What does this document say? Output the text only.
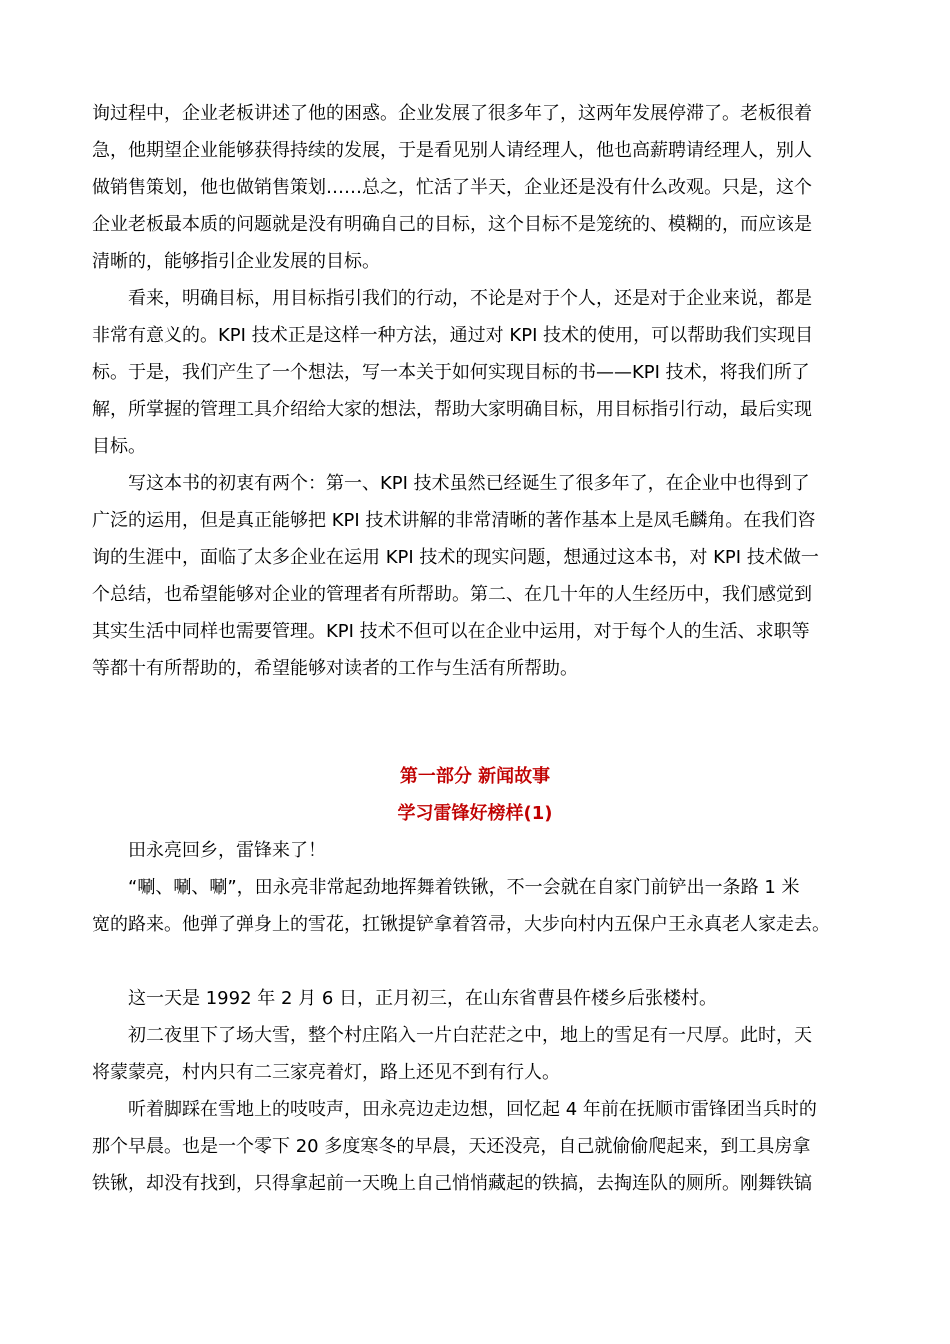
询过程中，企业老板讲述了他的困惑。企业发展了很多年了，这两年发展停滞了。老板很着
急，他期望企业能够获得持续的发展，于是看见别人请经理人，他也高薪聘请经理人，别人
做销售策划，他也做销售策划……总之，忙活了半天，企业还是没有什么改观。只是，这个
企业老板最本质的问题就是没有明确自己的目标，这个目标不是笼统的、模糊的，而应该是
清晰的，能够指引企业发展的目标。
看来，明确目标，用目标指引我们的行动，不论是对于个人，还是对于企业来说，都是
非常有意义的。KPI 技术正是这样一种方法，通过对 KPI 技术的使用，可以帮助我们实现目
标。于是，我们产生了一个想法，写一本关于如何实现目标的书——KPI 技术，将我们所了
解，所掌握的管理工具介绍给大家的想法，帮助大家明确目标，用目标指引行动，最后实现
目标。
写这本书的初衷有两个：第一、KPI 技术虽然已经诞生了很多年了，在企业中也得到了
广泛的运用，但是真正能够把 KPI 技术讲解的非常清晰的著作基本上是凤毛麟角。在我们咨
询的生涯中，面临了太多企业在运用 KPI 技术的现实问题，想通过这本书，对 KPI 技术做一
个总结，也希望能够对企业的管理者有所帮助。第二、在几十年的人生经历中，我们感觉到
其实生活中同样也需要管理。KPI 技术不但可以在企业中运用，对于每个人的生活、求职等
等都十有所帮助的，希望能够对读者的工作与生活有所帮助。
第一部分 新闻故事
学习雷锋好榜样(1)
田永亮回乡，雷锋来了！
“唰、唰、唰”，田永亮非常起劲地挥舞着铁锹，不一会就在自家门前铲出一条路 1 米
宽的路来。他弹了弹身上的雪花，扛锹提铲拿着笤帚，大步向村内五保户王永真老人家走去。
这一天是 1992 年 2 月 6 日，正月初三，在山东省曹县仵楼乡后张楼村。
初二夜里下了场大雪，整个村庄陷入一片白茫茫之中，地上的雪足有一尺厚。此时，天
将蒙蒙亮，村内只有二三家亮着灯，路上还见不到有行人。
听着脚踩在雪地上的吱吱声，田永亮边走边想，回忆起 4 年前在抚顺市雷锋团当兵时的
那个早晨。也是一个零下 20 多度寒冬的早晨，天还没亮，自己就偷偷爬起来，到工具房拿
铁锹，却没有找到，只得拿起前一天晚上自己悄悄藏起的铁搞，去掏连队的厕所。刚舞铁镐
